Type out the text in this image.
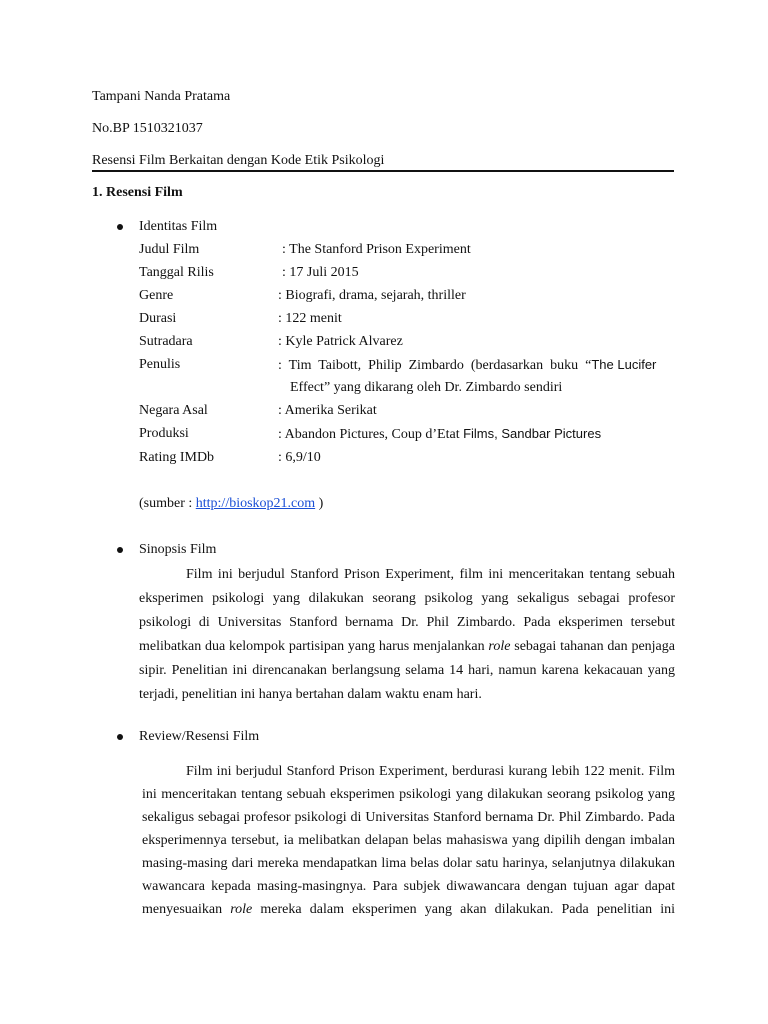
Tampani Nanda Pratama
No.BP 1510321037
Resensi Film Berkaitan dengan Kode Etik Psikologi
1. Resensi Film
Identitas Film
Judul Film	: The Stanford Prison Experiment
Tanggal Rilis	: 17 Juli 2015
Genre	: Biografi, drama, sejarah, thriller
Durasi	: 122 menit
Sutradara	: Kyle Patrick Alvarez
Penulis	:  Tim  Taibott,  Philip  Zimbardo  (berdasarkan  buku  “The Lucifer
Effect” yang dikarang oleh Dr. Zimbardo sendiri
Negara Asal	: Amerika Serikat
Produksi	: Abandon Pictures, Coup d’Etat Films, Sandbar Pictures
Rating IMDb	: 6,9/10
(sumber : http://bioskop21.com )
Sinopsis Film
Film ini berjudul Stanford Prison Experiment, film ini menceritakan tentang sebuah
eksperimen psikologi yang dilakukan seorang psikolog yang sekaligus sebagai profesor
psikologi di Universitas Stanford bernama Dr. Phil Zimbardo. Pada eksperimen tersebut
melibatkan dua kelompok partisipan yang harus menjalankan role sebagai tahanan dan penjaga
sipir. Penelitian ini direncanakan berlangsung selama 14 hari, namun karena kekacauan yang
terjadi, penelitian ini hanya bertahan dalam waktu enam hari.
Review/Resensi Film
Film ini berjudul Stanford Prison Experiment, berdurasi kurang lebih 122 menit. Film
ini menceritakan tentang sebuah eksperimen psikologi yang dilakukan seorang psikolog yang
sekaligus sebagai profesor psikologi di Universitas Stanford bernama Dr. Phil Zimbardo. Pada
eksperimennya tersebut, ia melibatkan delapan belas mahasiswa yang dipilih dengan imbalan
masing-masing dari mereka mendapatkan lima belas dolar satu harinya, selanjutnya dilakukan
wawancara kepada masing-masingnya. Para subjek diwawancara dengan tujuan agar dapat
menyesuaikan role mereka dalam eksperimen yang akan dilakukan. Pada penelitian ini
